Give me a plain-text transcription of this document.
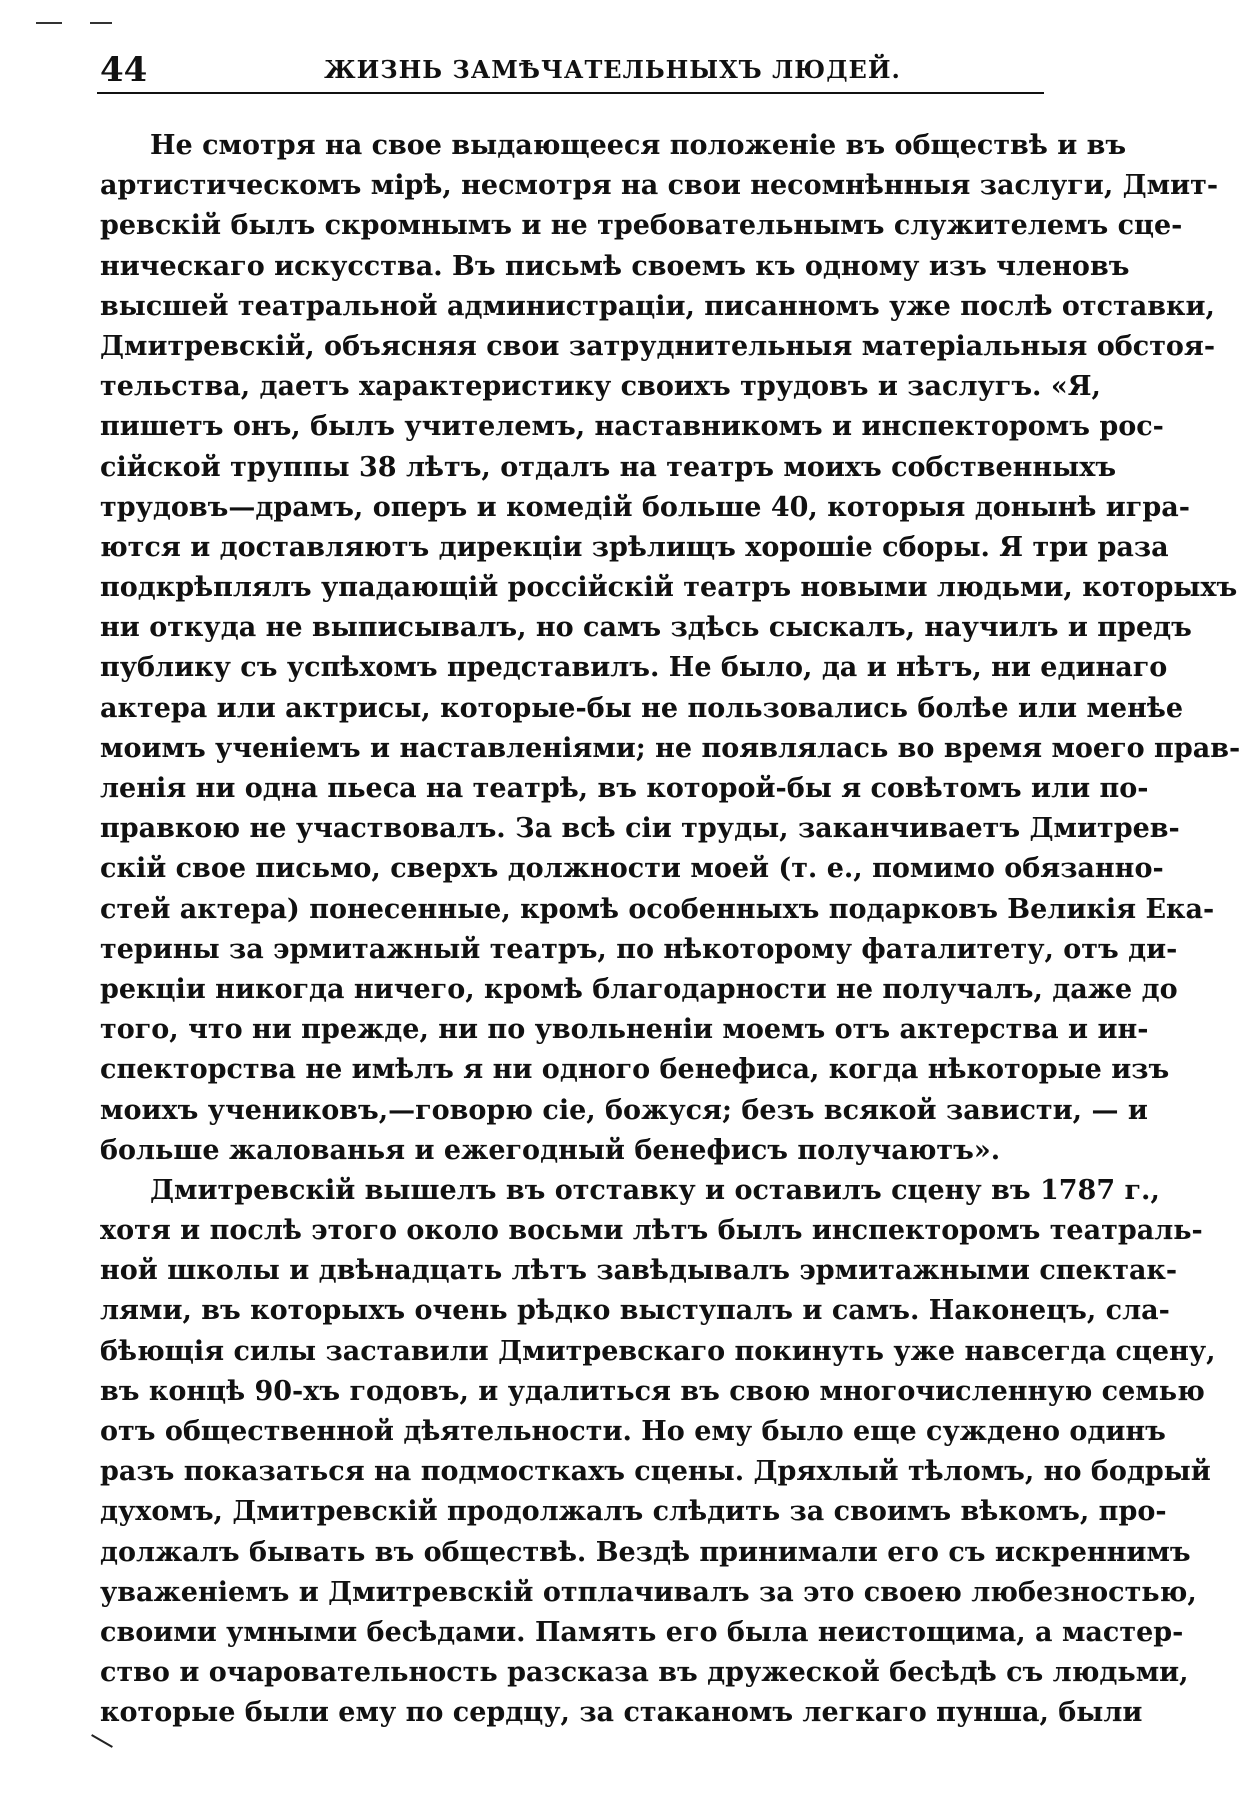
44	ЖИЗНЬ ЗАМѢЧАТЕЛЬНЫХЪ ЛЮДЕЙ.
Не смотря на свое выдающееся положеніе въ обществѣ и въ
артистическомъ мірѣ, несмотря на свои несомнѣнныя заслуги, Дмит-
ревскій былъ скромнымъ и не требовательнымъ служителемъ сце-
ническаго искусства. Въ письмѣ своемъ къ одному изъ членовъ
высшей театральной администраціи, писанномъ уже послѣ отставки,
Дмитревскій, объясняя свои затруднительныя матеріальныя обстоя-
тельства, даетъ характеристику своихъ трудовъ и заслугъ. «Я,
пишетъ онъ, былъ учителемъ, наставникомъ и инспекторомъ рос-
сійской труппы 38 лѣтъ, отдалъ на театръ моихъ собственныхъ
трудовъ—драмъ, оперъ и комедій больше 40, которыя донынѣ игра-
ются и доставляютъ дирекціи зрѣлищъ хорошіе сборы. Я три раза
подкрѣплялъ упадающій россійскій театръ новыми людьми, которыхъ
ни откуда не выписывалъ, но самъ здѣсь сыскалъ, научилъ и предъ
публику съ успѣхомъ представилъ. Не было, да и нѣтъ, ни единаго
актера или актрисы, которые-бы не пользовались болѣе или менѣе
моимъ ученіемъ и наставленіями; не появлялась во время моего прав-
ленія ни одна пьеса на театрѣ, въ которой-бы я совѣтомъ или по-
правкою не участвовалъ. За всѣ сіи труды, заканчиваетъ Дмитрев-
скій свое письмо, сверхъ должности моей (т. е., помимо обязанно-
стей актера) понесенные, кромѣ особенныхъ подарковъ Великія Ека-
терины за эрмитажный театръ, по нѣкоторому фаталитету, отъ ди-
рекціи никогда ничего, кромѣ благодарности не получалъ, даже до
того, что ни прежде, ни по увольненіи моемъ отъ актерства и ин-
спекторства не имѣлъ я ни одного бенефиса, когда нѣкоторые изъ
моихъ учениковъ,—говорю сіе, божуся; безъ всякой зависти, — и
больше жалованья и ежегодный бенефисъ получаютъ».
Дмитревскій вышелъ въ отставку и оставилъ сцену въ 1787 г.,
хотя и послѣ этого около восьми лѣтъ былъ инспекторомъ театраль-
ной школы и двѣнадцать лѣтъ завѣдывалъ эрмитажными спектак-
лями, въ которыхъ очень рѣдко выступалъ и самъ. Наконецъ, сла-
бѣющія силы заставили Дмитревскаго покинуть уже навсегда сцену,
въ концѣ 90-хъ годовъ, и удалиться въ свою многочисленную семью
отъ общественной дѣятельности. Но ему было еще суждено одинъ
разъ показаться на подмосткахъ сцены. Дряхлый тѣломъ, но бодрый
духомъ, Дмитревскій продолжалъ слѣдить за своимъ вѣкомъ, про-
должалъ бывать въ обществѣ. Вездѣ принимали его съ искреннимъ
уваженіемъ и Дмитревскій отплачивалъ за это своею любезностью,
своими умными бесѣдами. Память его была неистощима, а мастер-
ство и очаровательность разсказа въ дружеской бесѣдѣ съ людьми,
которые были ему по сердцу, за стаканомъ легкаго пунша, были
